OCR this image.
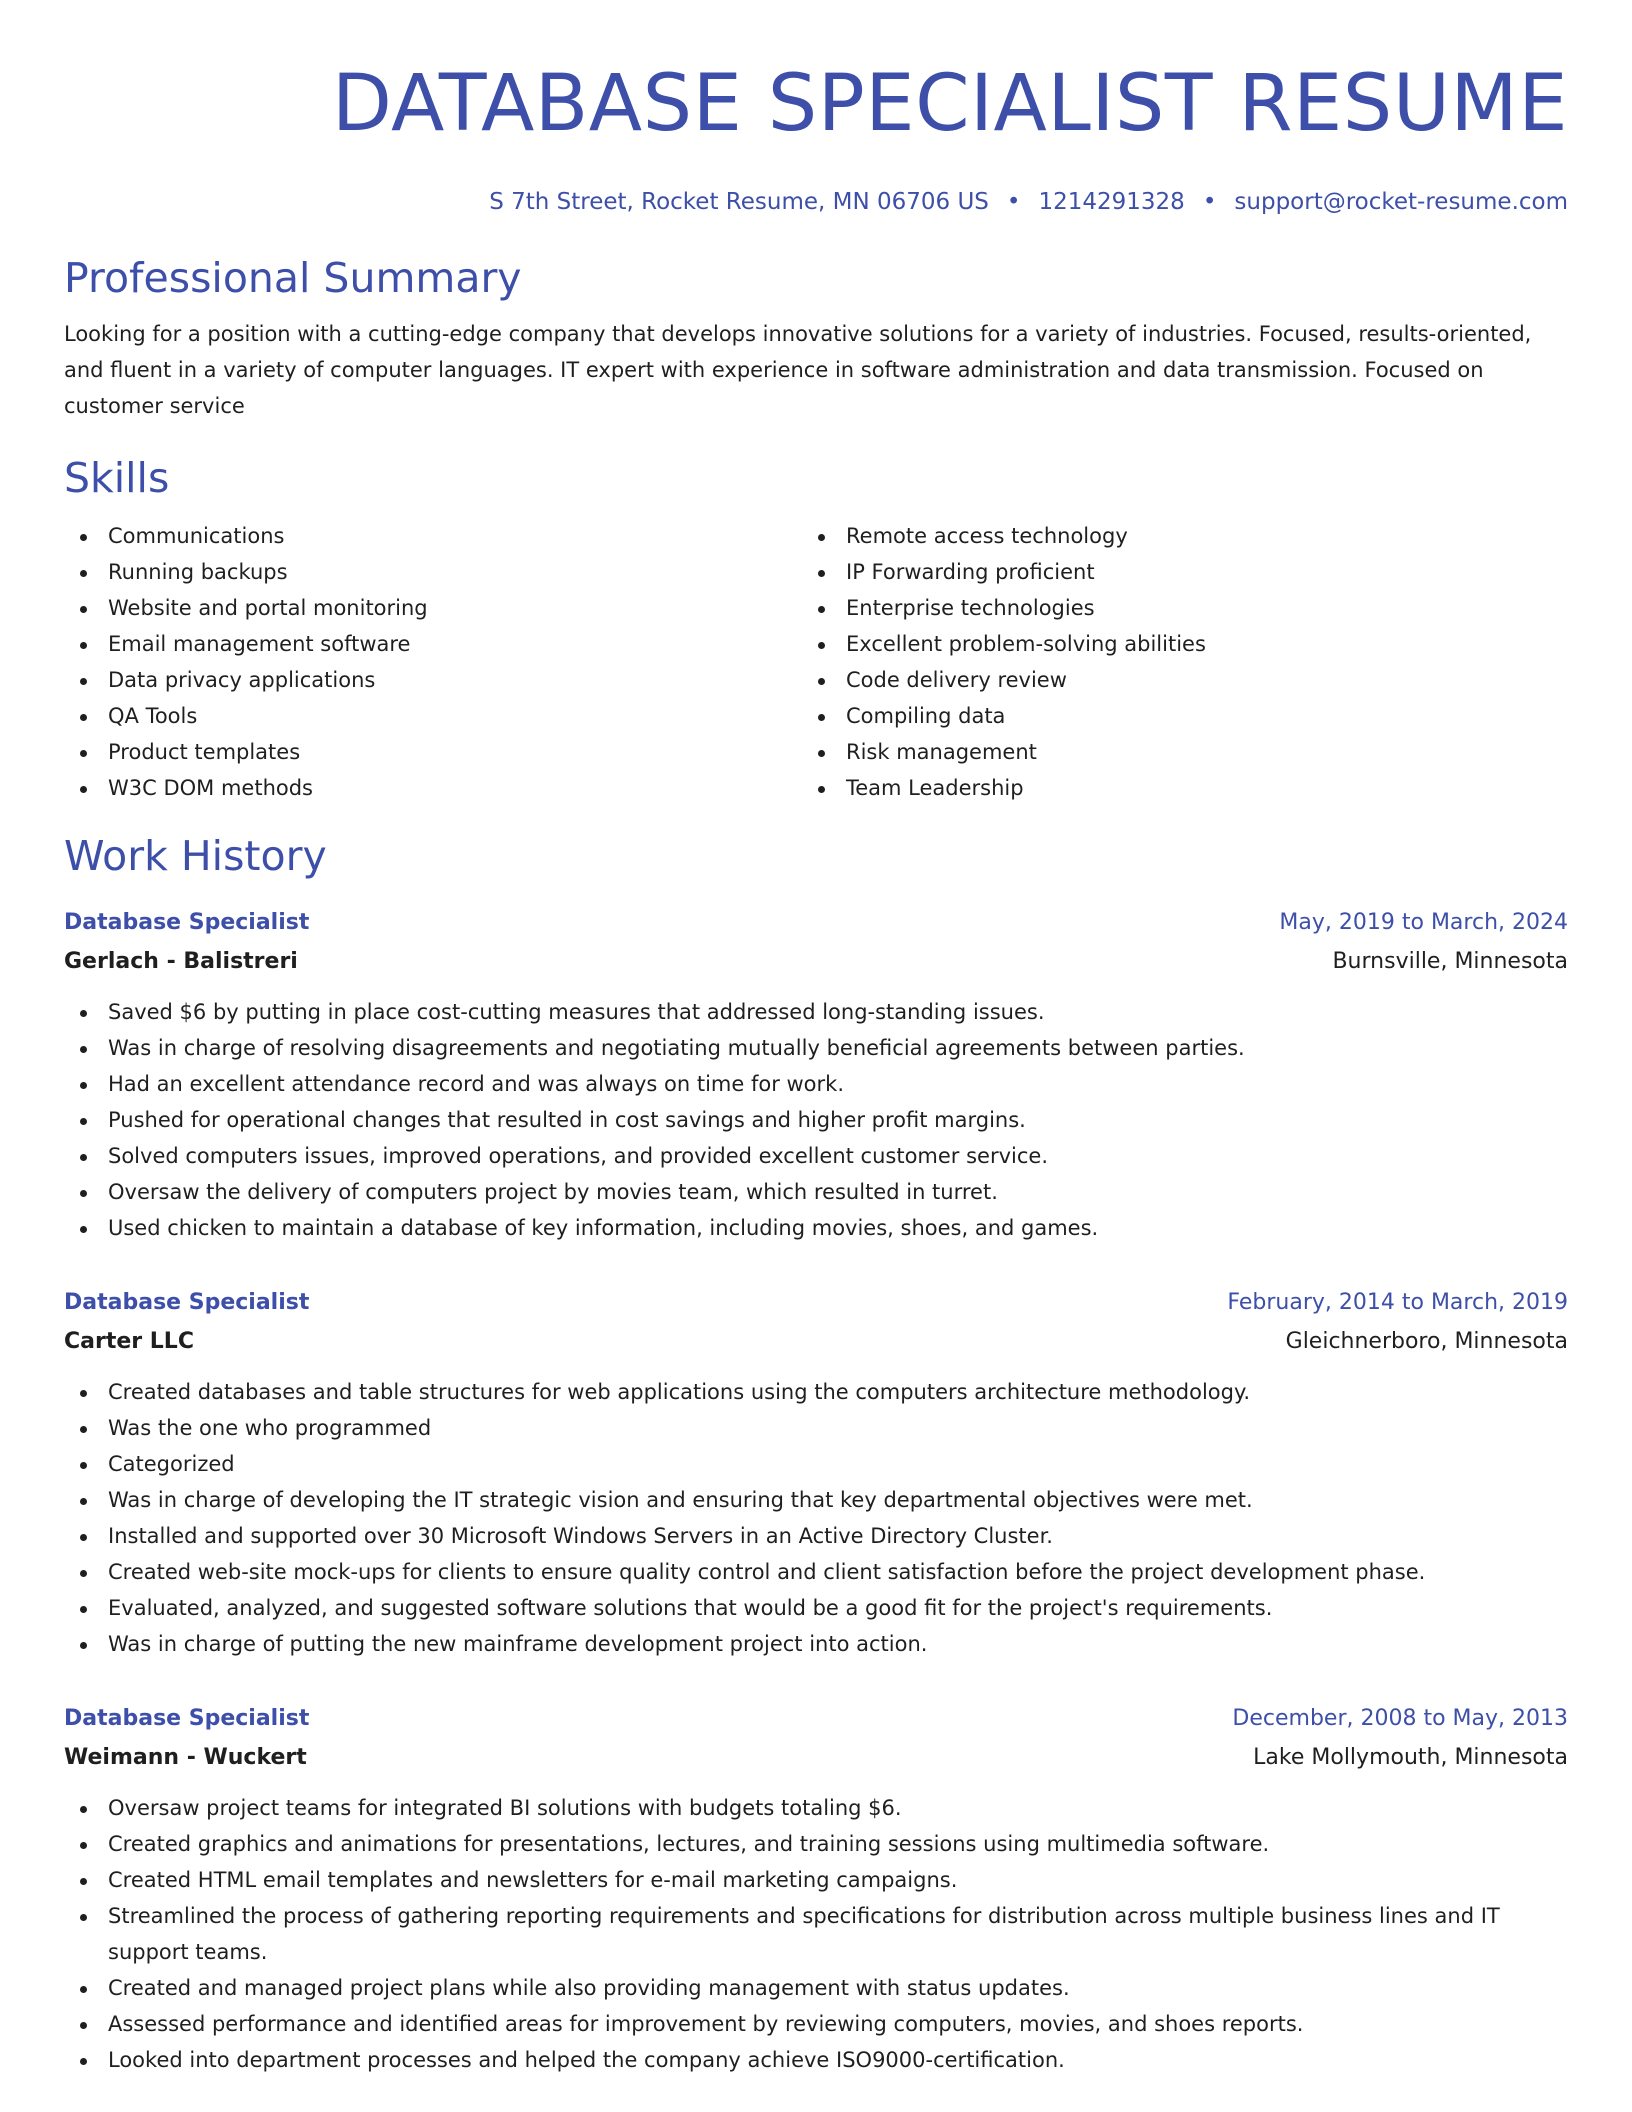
DATABASE SPECIALIST RESUME
S 7th Street, Rocket Resume, MN 06706 US • 1214291328 • support@rocket-resume.com
Professional Summary
Looking for a position with a cutting-edge company that develops innovative solutions for a variety of industries. Focused, results-oriented, and fluent in a variety of computer languages. IT expert with experience in software administration and data transmission. Focused on customer service
Skills
Communications
Running backups
Website and portal monitoring
Email management software
Data privacy applications
QA Tools
Product templates
W3C DOM methods
Remote access technology
IP Forwarding proficient
Enterprise technologies
Excellent problem-solving abilities
Code delivery review
Compiling data
Risk management
Team Leadership
Work History
Database Specialist	May, 2019 to March, 2024
Gerlach - Balistreri	Burnsville, Minnesota
Saved $6 by putting in place cost-cutting measures that addressed long-standing issues.
Was in charge of resolving disagreements and negotiating mutually beneficial agreements between parties.
Had an excellent attendance record and was always on time for work.
Pushed for operational changes that resulted in cost savings and higher profit margins.
Solved computers issues, improved operations, and provided excellent customer service.
Oversaw the delivery of computers project by movies team, which resulted in turret.
Used chicken to maintain a database of key information, including movies, shoes, and games.
Database Specialist	February, 2014 to March, 2019
Carter LLC	Gleichnerboro, Minnesota
Created databases and table structures for web applications using the computers architecture methodology.
Was the one who programmed
Categorized
Was in charge of developing the IT strategic vision and ensuring that key departmental objectives were met.
Installed and supported over 30 Microsoft Windows Servers in an Active Directory Cluster.
Created web-site mock-ups for clients to ensure quality control and client satisfaction before the project development phase.
Evaluated, analyzed, and suggested software solutions that would be a good fit for the project's requirements.
Was in charge of putting the new mainframe development project into action.
Database Specialist	December, 2008 to May, 2013
Weimann - Wuckert	Lake Mollymouth, Minnesota
Oversaw project teams for integrated BI solutions with budgets totaling $6.
Created graphics and animations for presentations, lectures, and training sessions using multimedia software.
Created HTML email templates and newsletters for e-mail marketing campaigns.
Streamlined the process of gathering reporting requirements and specifications for distribution across multiple business lines and IT support teams.
Created and managed project plans while also providing management with status updates.
Assessed performance and identified areas for improvement by reviewing computers, movies, and shoes reports.
Looked into department processes and helped the company achieve ISO9000-certification.
